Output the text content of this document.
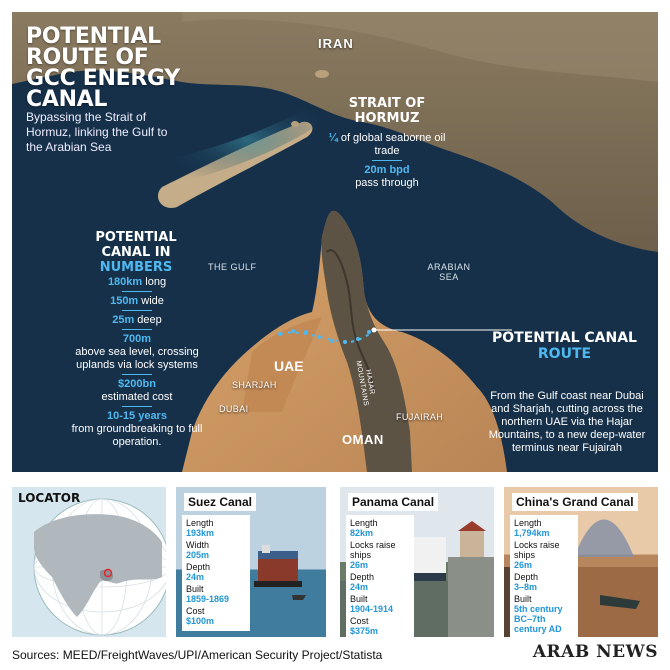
POTENTIAL
ROUTE OF
GCC ENERGY
CANAL
Bypassing the Strait of Hormuz, linking the Gulf to the Arabian Sea
IRAN
THE GULF	ARABIAN
SEA
STRAIT OF
HORMUZ
¼ of global seaborne oil trade
20m bpd
pass through
POTENTIAL CANAL IN
NUMBERS
180km long
150m wide
25m deep
700m
above sea level, crossing uplands via lock systems
$200bn
estimated cost
10-15 years
from groundbreaking to full operation.
UAE
SHARJAH
DUBAI
FUJAIRAH
OMAN
HAJAR MOUNTAINS
POTENTIAL CANAL
ROUTE
From the Gulf coast near Dubai and Sharjah, cutting across the northern UAE via the Hajar Mountains, to a new deep-water terminus near Fujairah
LOCATOR	Suez Canal
Length
193km
Width
205m
Depth
24m
Built
1859-1869
Cost
$100m
Panama Canal
Length
82km
Locks raise ships
26m
Depth
24m
Built
1904-1914
Cost
$375m
China's Grand Canal
Length
1,794km
Locks raise ships
26m
Depth
3–8m
Built
5th century BC–7th century AD
Sources: MEED/FreightWaves/UPI/American Security Project/Statista	ARAB NEWS
